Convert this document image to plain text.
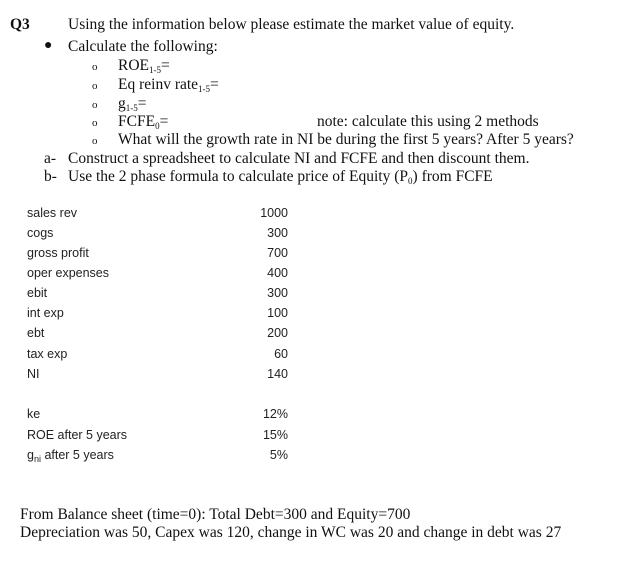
Q3 Using the information below please estimate the market value of equity.
● Calculate the following:
o $ROE_{1-5}=$
o Eq reinv rate$_{1-5}$=
o $g_{1-5}=$
o $FCFE_0=$	note: calculate this using 2 methods
o What will the growth rate in NI be during the first 5 years? After 5 years?
a- Construct a spreadsheet to calculate NI and FCFE and then discount them.
b- Use the 2 phase formula to calculate price of Equity $(P_0)$ from FCFE
sales rev	1000
cogs	300
gross profit	700
oper expenses	400
ebit	300
int exp	100
ebt	200
tax exp	60
NI	140
ke	12%
ROE after 5 years	15%
$g_{ni}$ after 5 years	5%
From Balance sheet (time=0): Total Debt=300 and Equity=700
Depreciation was 50, Capex was 120, change in WC was 20 and change in debt was 27
